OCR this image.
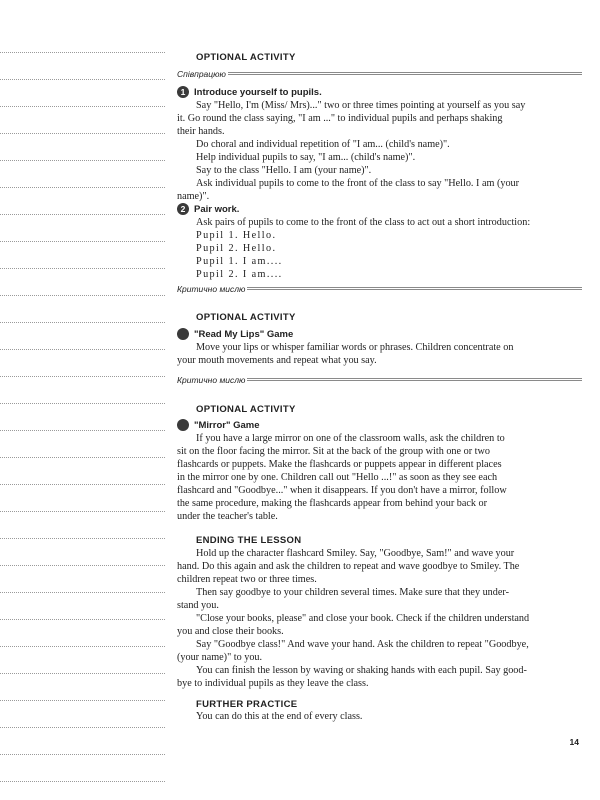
OPTIONAL ACTIVITY
Співпрацюю
1 Introduce yourself to pupils.
Say "Hello, I'm (Miss/ Mrs)..." two or three times pointing at yourself as you say
it. Go round the class saying, "I am ..." to individual pupils and perhaps shaking
their hands.
Do choral and individual repetition of "I am... (child's name)".
Help individual pupils to say, "I am... (child's name)".
Say to the class "Hello. I am (your name)".
Ask individual pupils to come to the front of the class to say "Hello. I am (your
name)".
2 Pair work.
Ask pairs of pupils to come to the front of the class to act out a short introduction:
Pupil 1. Hello.
Pupil 2. Hello.
Pupil 1. I am....
Pupil 2. I am....
Критично мислю
OPTIONAL ACTIVITY
"Read My Lips" Game
Move your lips or whisper familiar words or phrases. Children concentrate on
your mouth movements and repeat what you say.
Критично мислю
OPTIONAL ACTIVITY
"Mirror" Game
If you have a large mirror on one of the classroom walls, ask the children to
sit on the floor facing the mirror. Sit at the back of the group with one or two
flashcards or puppets. Make the flashcards or puppets appear in different places
in the mirror one by one. Children call out "Hello ...!" as soon as they see each
flashcard and "Goodbye..." when it disappears. If you don't have a mirror, follow
the same procedure, making the flashcards appear from behind your back or
under the teacher's table.
ENDING THE LESSON
Hold up the character flashcard Smiley. Say, "Goodbye, Sam!" and wave your
hand. Do this again and ask the children to repeat and wave goodbye to Smiley. The
children repeat two or three times.
Then say goodbye to your children several times. Make sure that they under-
stand you.
"Close your books, please" and close your book. Check if the children understand
you and close their books.
Say "Goodbye class!" And wave your hand. Ask the children to repeat "Goodbye,
(your name)" to you.
You can finish the lesson by waving or shaking hands with each pupil. Say good-
bye to individual pupils as they leave the class.
FURTHER PRACTICE
You can do this at the end of every class.
14
